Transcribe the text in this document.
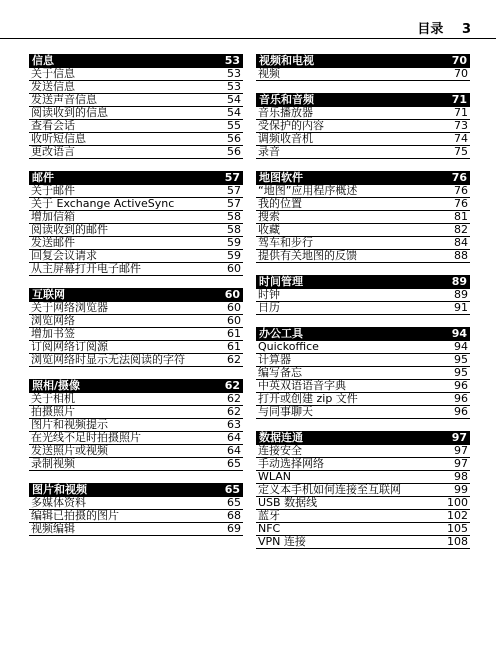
目录 3
信息	53
关于信息	53
发送信息	53
发送声音信息	54
阅读收到的信息	54
查看会话	55
收听短信息	56
更改语言	56
邮件	57
关于邮件	57
关于 Exchange ActiveSync	57
增加信箱	58
阅读收到的邮件	58
发送邮件	59
回复会议请求	59
从主屏幕打开电子邮件	60
互联网	60
关于网络浏览器	60
浏览网络	60
增加书签	61
订阅网络订阅源	61
浏览网络时显示无法阅读的字符	62
照相/摄像	62
关于相机	62
拍摄照片	62
图片和视频提示	63
在光线不足时拍摄照片	64
发送照片或视频	64
录制视频	65
图片和视频	65
多媒体资料	65
编辑已拍摄的图片	68
视频编辑	69
视频和电视	70
视频	70
音乐和音频	71
音乐播放器	71
受保护的内容	73
调频收音机	74
录音	75
地图软件	76
“地图”应用程序概述	76
我的位置	76
搜索	81
收藏	82
驾车和步行	84
提供有关地图的反馈	88
时间管理	89
时钟	89
日历	91
办公工具	94
Quickoffice	94
计算器	95
编写备忘	95
中英双语语音字典	96
打开或创建 zip 文件	96
与同事聊天	96
数据连通	97
连接安全	97
手动选择网络	97
WLAN	98
定义本手机如何连接至互联网	99
USB 数据线	100
蓝牙	102
NFC	105
VPN 连接	108
